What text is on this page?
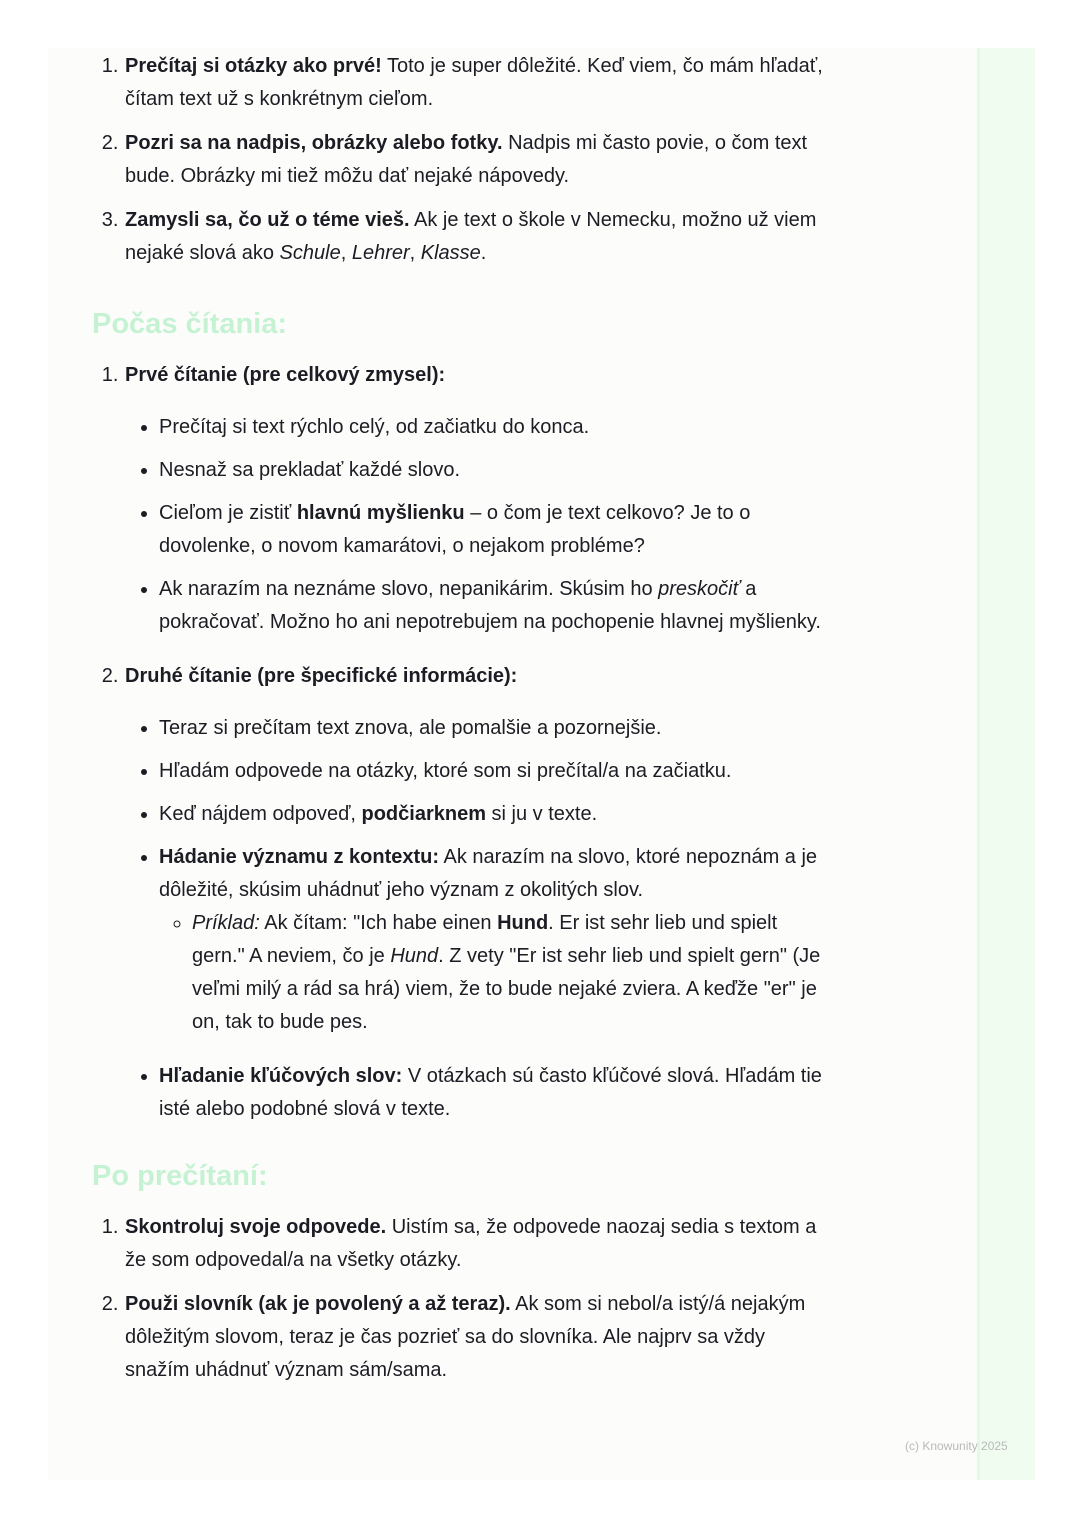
1. Prečítaj si otázky ako prvé! Toto je super dôležité. Keď viem, čo mám hľadať, čítam text už s konkrétnym cieľom.
2. Pozri sa na nadpis, obrázky alebo fotky. Nadpis mi často povie, o čom text bude. Obrázky mi tiež môžu dať nejaké nápovedy.
3. Zamysli sa, čo už o téme vieš. Ak je text o škole v Nemecku, možno už viem nejaké slová ako Schule, Lehrer, Klasse.
Počas čítania:
1. Prvé čítanie (pre celkový zmysel):
• Prečítaj si text rýchlo celý, od začiatku do konca.
• Nesnaž sa prekladať každé slovo.
• Cieľom je zistiť hlavnú myšlienku – o čom je text celkovo? Je to o dovolenke, o novom kamarátovi, o nejakom probléme?
• Ak narazím na neznáme slovo, nepanikárim. Skúsim ho preskočiť a pokračovať. Možno ho ani nepotrebujem na pochopenie hlavnej myšlienky.
2. Druhé čítanie (pre špecifické informácie):
• Teraz si prečítam text znova, ale pomalšie a pozornejšie.
• Hľadám odpovede na otázky, ktoré som si prečítal/a na začiatku.
• Keď nájdem odpoveď, podčiarknem si ju v texte.
• Hádanie významu z kontextu: Ak narazím na slovo, ktoré nepoznám a je dôležité, skúsim uhádnuť jeho význam z okolitých slov.
◦ Príklad: Ak čítam: "Ich habe einen Hund. Er ist sehr lieb und spielt gern." A neviem, čo je Hund. Z vety "Er ist sehr lieb und spielt gern" (Je veľmi milý a rád sa hrá) viem, že to bude nejaké zviera. A keďže "er" je on, tak to bude pes.
• Hľadanie kľúčových slov: V otázkach sú často kľúčové slová. Hľadám tie isté alebo podobné slová v texte.
Po prečítaní:
1. Skontroluj svoje odpovede. Uistím sa, že odpovede naozaj sedia s textom a že som odpovedal/a na všetky otázky.
2. Použi slovník (ak je povolený a až teraz). Ak som si nebol/a istý/á nejakým dôležitým slovom, teraz je čas pozrieť sa do slovníka. Ale najprv sa vždy snažím uhádnuť význam sám/sama.
(c) Knowunity 2025
